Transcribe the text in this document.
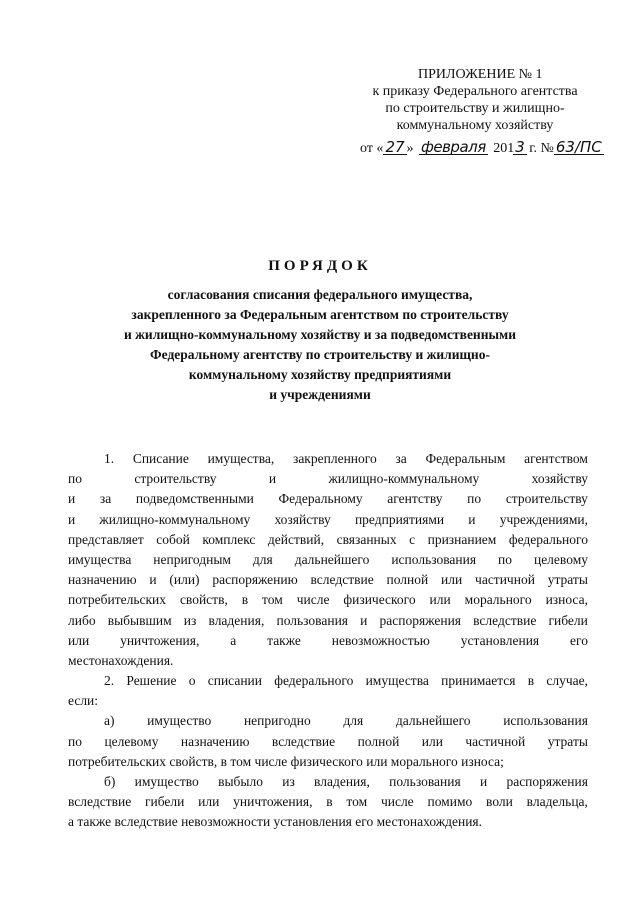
ПРИЛОЖЕНИЕ № 1
к приказу Федерального агентства
по строительству и жилищно-
коммунальному хозяйству
от « 27 » февраля 2013 г. № 63/ПС
ПОРЯДОК
согласования списания федерального имущества,
закрепленного за Федеральным агентством по строительству
и жилищно-коммунальному хозяйству и за подведомственными
Федеральному агентству по строительству и жилищно-
коммунальному хозяйству предприятиями
и учреждениями
1. Списание имущества, закрепленного за Федеральным агентством
по	строительству	и	жилищно-коммунальному	хозяйству
и за подведомственными Федеральному агентству по строительству
и жилищно-коммунальному хозяйству предприятиями и учреждениями,
представляет собой комплекс действий, связанных с признанием федерального
имущества непригодным для дальнейшего использования по целевому
назначению и (или) распоряжению вследствие полной или частичной утраты
потребительских свойств, в том числе физического или морального износа,
либо выбывшим из владения, пользования и распоряжения вследствие гибели
или уничтожения, а также невозможностью установления его
местонахождения.
2. Решение о списании федерального имущества принимается в случае,
если:
а) имущество непригодно для дальнейшего использования
по целевому назначению вследствие полной или частичной утраты
потребительских свойств, в том числе физического или морального износа;
б) имущество выбыло из владения, пользования и распоряжения
вследствие гибели или уничтожения, в том числе помимо воли владельца,
а также вследствие невозможности установления его местонахождения.
